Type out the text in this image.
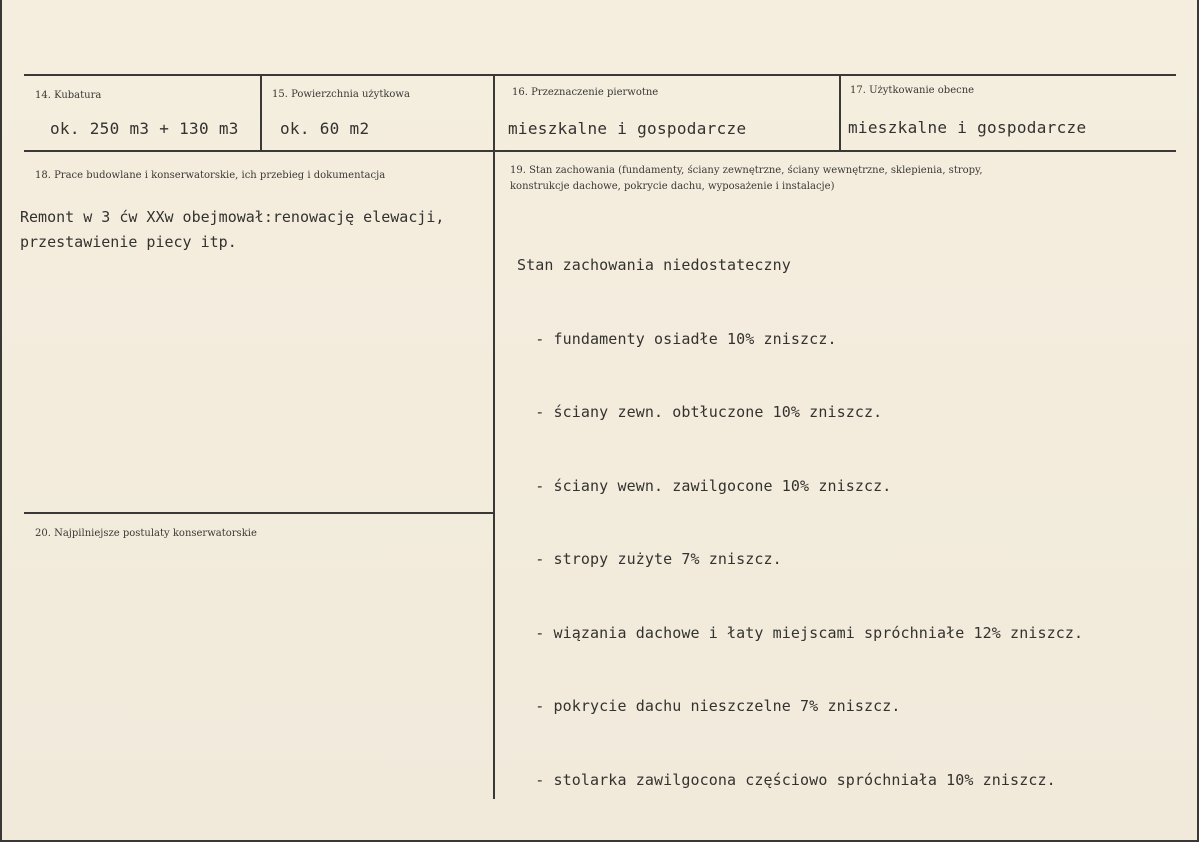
14. Kubatura
ok. 250 m3 + 130 m3
15. Powierzchnia użytkowa
ok. 60 m2
16. Przeznaczenie pierwotne
mieszkalne i gospodarcze
17. Użytkowanie obecne
mieszkalne i gospodarcze
18. Prace budowlane i konserwatorskie, ich przebieg i dokumentacja
Remont w 3 ćw XXw obejmował:renowację elewacji,
przestawienie piecy itp.
19. Stan zachowania (fundamenty, ściany zewnętrzne, ściany wewnętrzne, sklepienia, stropy,
konstrukcje dachowe, pokrycie dachu, wyposażenie i instalacje)

Stan zachowania niedostateczny

- fundamenty osiadłe 10% zniszcz.

- ściany zewn. obtłuczone 10% zniszcz.

- ściany wewn. zawilgocone 10% zniszcz.

- stropy zużyte 7% zniszcz.

- wiązania dachowe i łaty miejscami spróchniałe 12% zniszcz.

- pokrycie dachu nieszczelne 7% zniszcz.

- stolarka zawilgocona częściowo spróchniała 10% zniszcz.

20. Najpilniejsze postulaty konserwatorskie
